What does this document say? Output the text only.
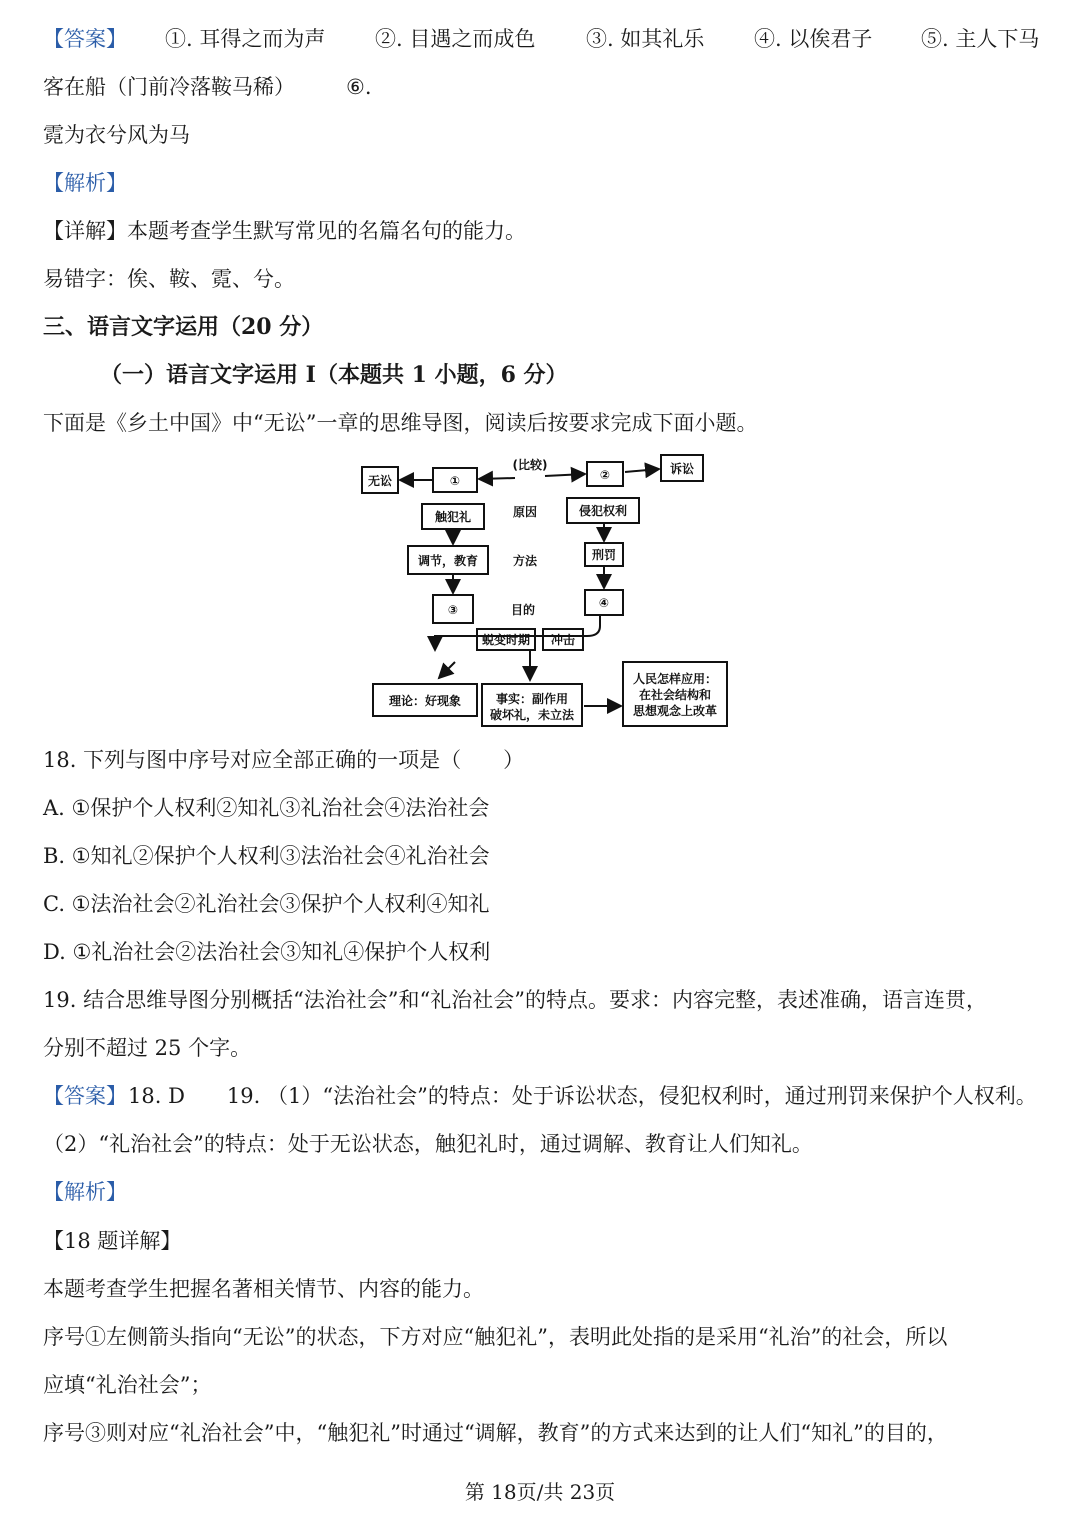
【答案】 ①. 耳得之而为声 ②. 目遇之而成色 ③. 如其礼乐 ④. 以俟君子 ⑤. 主人下马
客在船（门前冷落鞍马稀） ⑥.
霓为衣兮风为马
【解析】
【详解】本题考查学生默写常见的名篇名句的能力。
易错字：俟、鞍、霓、兮。
三、语言文字运用（20 分）
（一）语言文字运用 I（本题共 1 小题，6 分）
下面是《乡土中国》中“无讼”一章的思维导图，阅读后按要求完成下面小题。
无讼	①
(比较)
②	诉讼
触犯礼	原因	侵犯权利
调节，教育	方法	刑罚
③	目的	④
蜕变时期 冲击
理论：好现象	事实：副作用
破坏礼，未立法
人民怎样应用：
在社会结构和
思想观念上改革
18. 下列与图中序号对应全部正确的一项是（　　）
A. ①保护个人权利②知礼③礼治社会④法治社会
B. ①知礼②保护个人权利③法治社会④礼治社会
C. ①法治社会②礼治社会③保护个人权利④知礼
D. ①礼治社会②法治社会③知礼④保护个人权利
19. 结合思维导图分别概括“法治社会”和“礼治社会”的特点。要求：内容完整，表述准确，语言连贯，
分别不超过 25 个字。
【答案】 18. D　　19. （1）“法治社会”的特点：处于诉讼状态，侵犯权利时，通过刑罚来保护个人权利。
（2）“礼治社会”的特点：处于无讼状态，触犯礼时，通过调解、教育让人们知礼。
【解析】
【18 题详解】
本题考查学生把握名著相关情节、内容的能力。
序号①左侧箭头指向“无讼”的状态，下方对应“触犯礼”，表明此处指的是采用“礼治”的社会，所以
应填“礼治社会”；
序号③则对应“礼治社会”中，“触犯礼”时通过“调解，教育”的方式来达到的让人们“知礼”的目的，
第 18页/共 23页
